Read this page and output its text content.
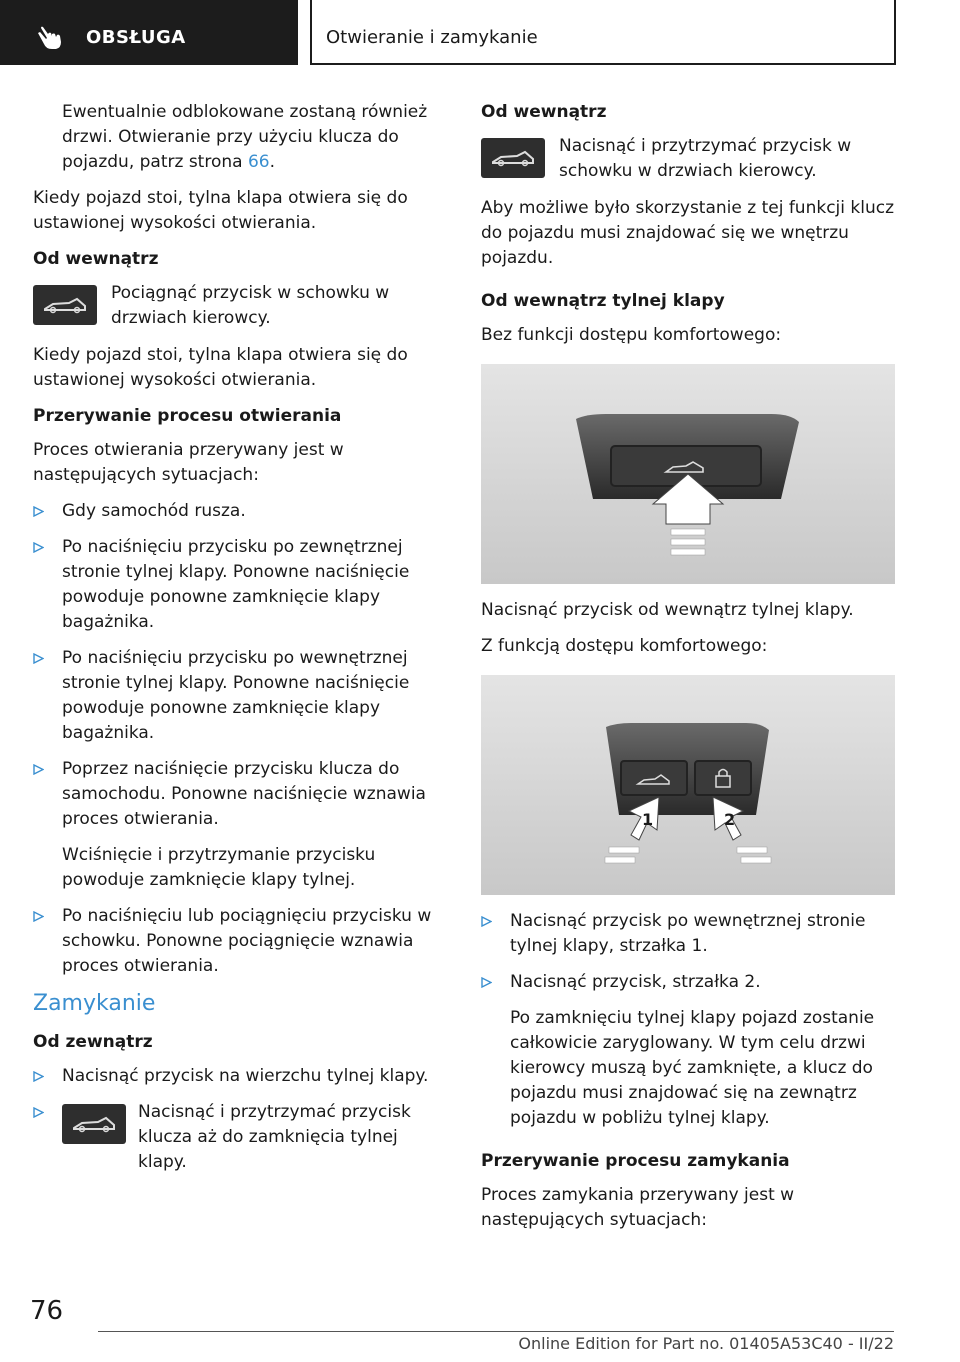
OBSŁUGA	Otwieranie i zamykanie

Ewentualnie odblokowane zostaną również drzwi. Otwieranie przy użyciu klucza do pojazdu, patrz strona 66.

Kiedy pojazd stoi, tylna klapa otwiera się do ustawionej wysokości otwierania.

Od wewnątrz
Pociągnąć przycisk w schowku w drzwiach kierowcy.

Kiedy pojazd stoi, tylna klapa otwiera się do ustawionej wysokości otwierania.

Przerywanie procesu otwierania

Proces otwierania przerywany jest w następujących sytuacjach:

Gdy samochód rusza.
Po naciśnięciu przycisku po zewnętrznej stronie tylnej klapy. Ponowne naciśnięcie powoduje ponowne zamknięcie klapy bagażnika.
Po naciśnięciu przycisku po wewnętrznej stronie tylnej klapy. Ponowne naciśnięcie powoduje ponowne zamknięcie klapy bagażnika.
Poprzez naciśnięcie przycisku klucza do samochodu. Ponowne naciśnięcie wznawia proces otwierania.
Wciśnięcie i przytrzymanie przycisku powoduje zamknięcie klapy tylnej.
Po naciśnięciu lub pociągnięciu przycisku w schowku. Ponowne pociągnięcie wznawia proces otwierania.
Zamykanie
Od zewnątrz
Nacisnąć przycisk na wierzchu tylnej klapy.
Nacisnąć i przytrzymać przycisk klucza aż do zamknięcia tylnej klapy.
Od wewnątrz
Nacisnąć i przytrzymać przycisk w schowku w drzwiach kierowcy.

Aby możliwe było skorzystanie z tej funkcji klucz do pojazdu musi znajdować się we wnętrzu pojazdu.

Od wewnątrz tylnej klapy

Bez funkcji dostępu komfortowego:

Nacisnąć przycisk od wewnątrz tylnej klapy.

Z funkcją dostępu komfortowego:

1	2
Nacisnąć przycisk po wewnętrznej stronie tylnej klapy, strzałka 1.
Nacisnąć przycisk, strzałka 2.
Po zamknięciu tylnej klapy pojazd zostanie całkowicie zaryglowany. W tym celu drzwi kierowcy muszą być zamknięte, a klucz do pojazdu musi znajdować się na zewnątrz pojazdu w pobliżu tylnej klapy.
Przerywanie procesu zamykania

Proces zamykania przerywany jest w następujących sytuacjach:

76
Online Edition for Part no. 01405A53C40 - II/22
